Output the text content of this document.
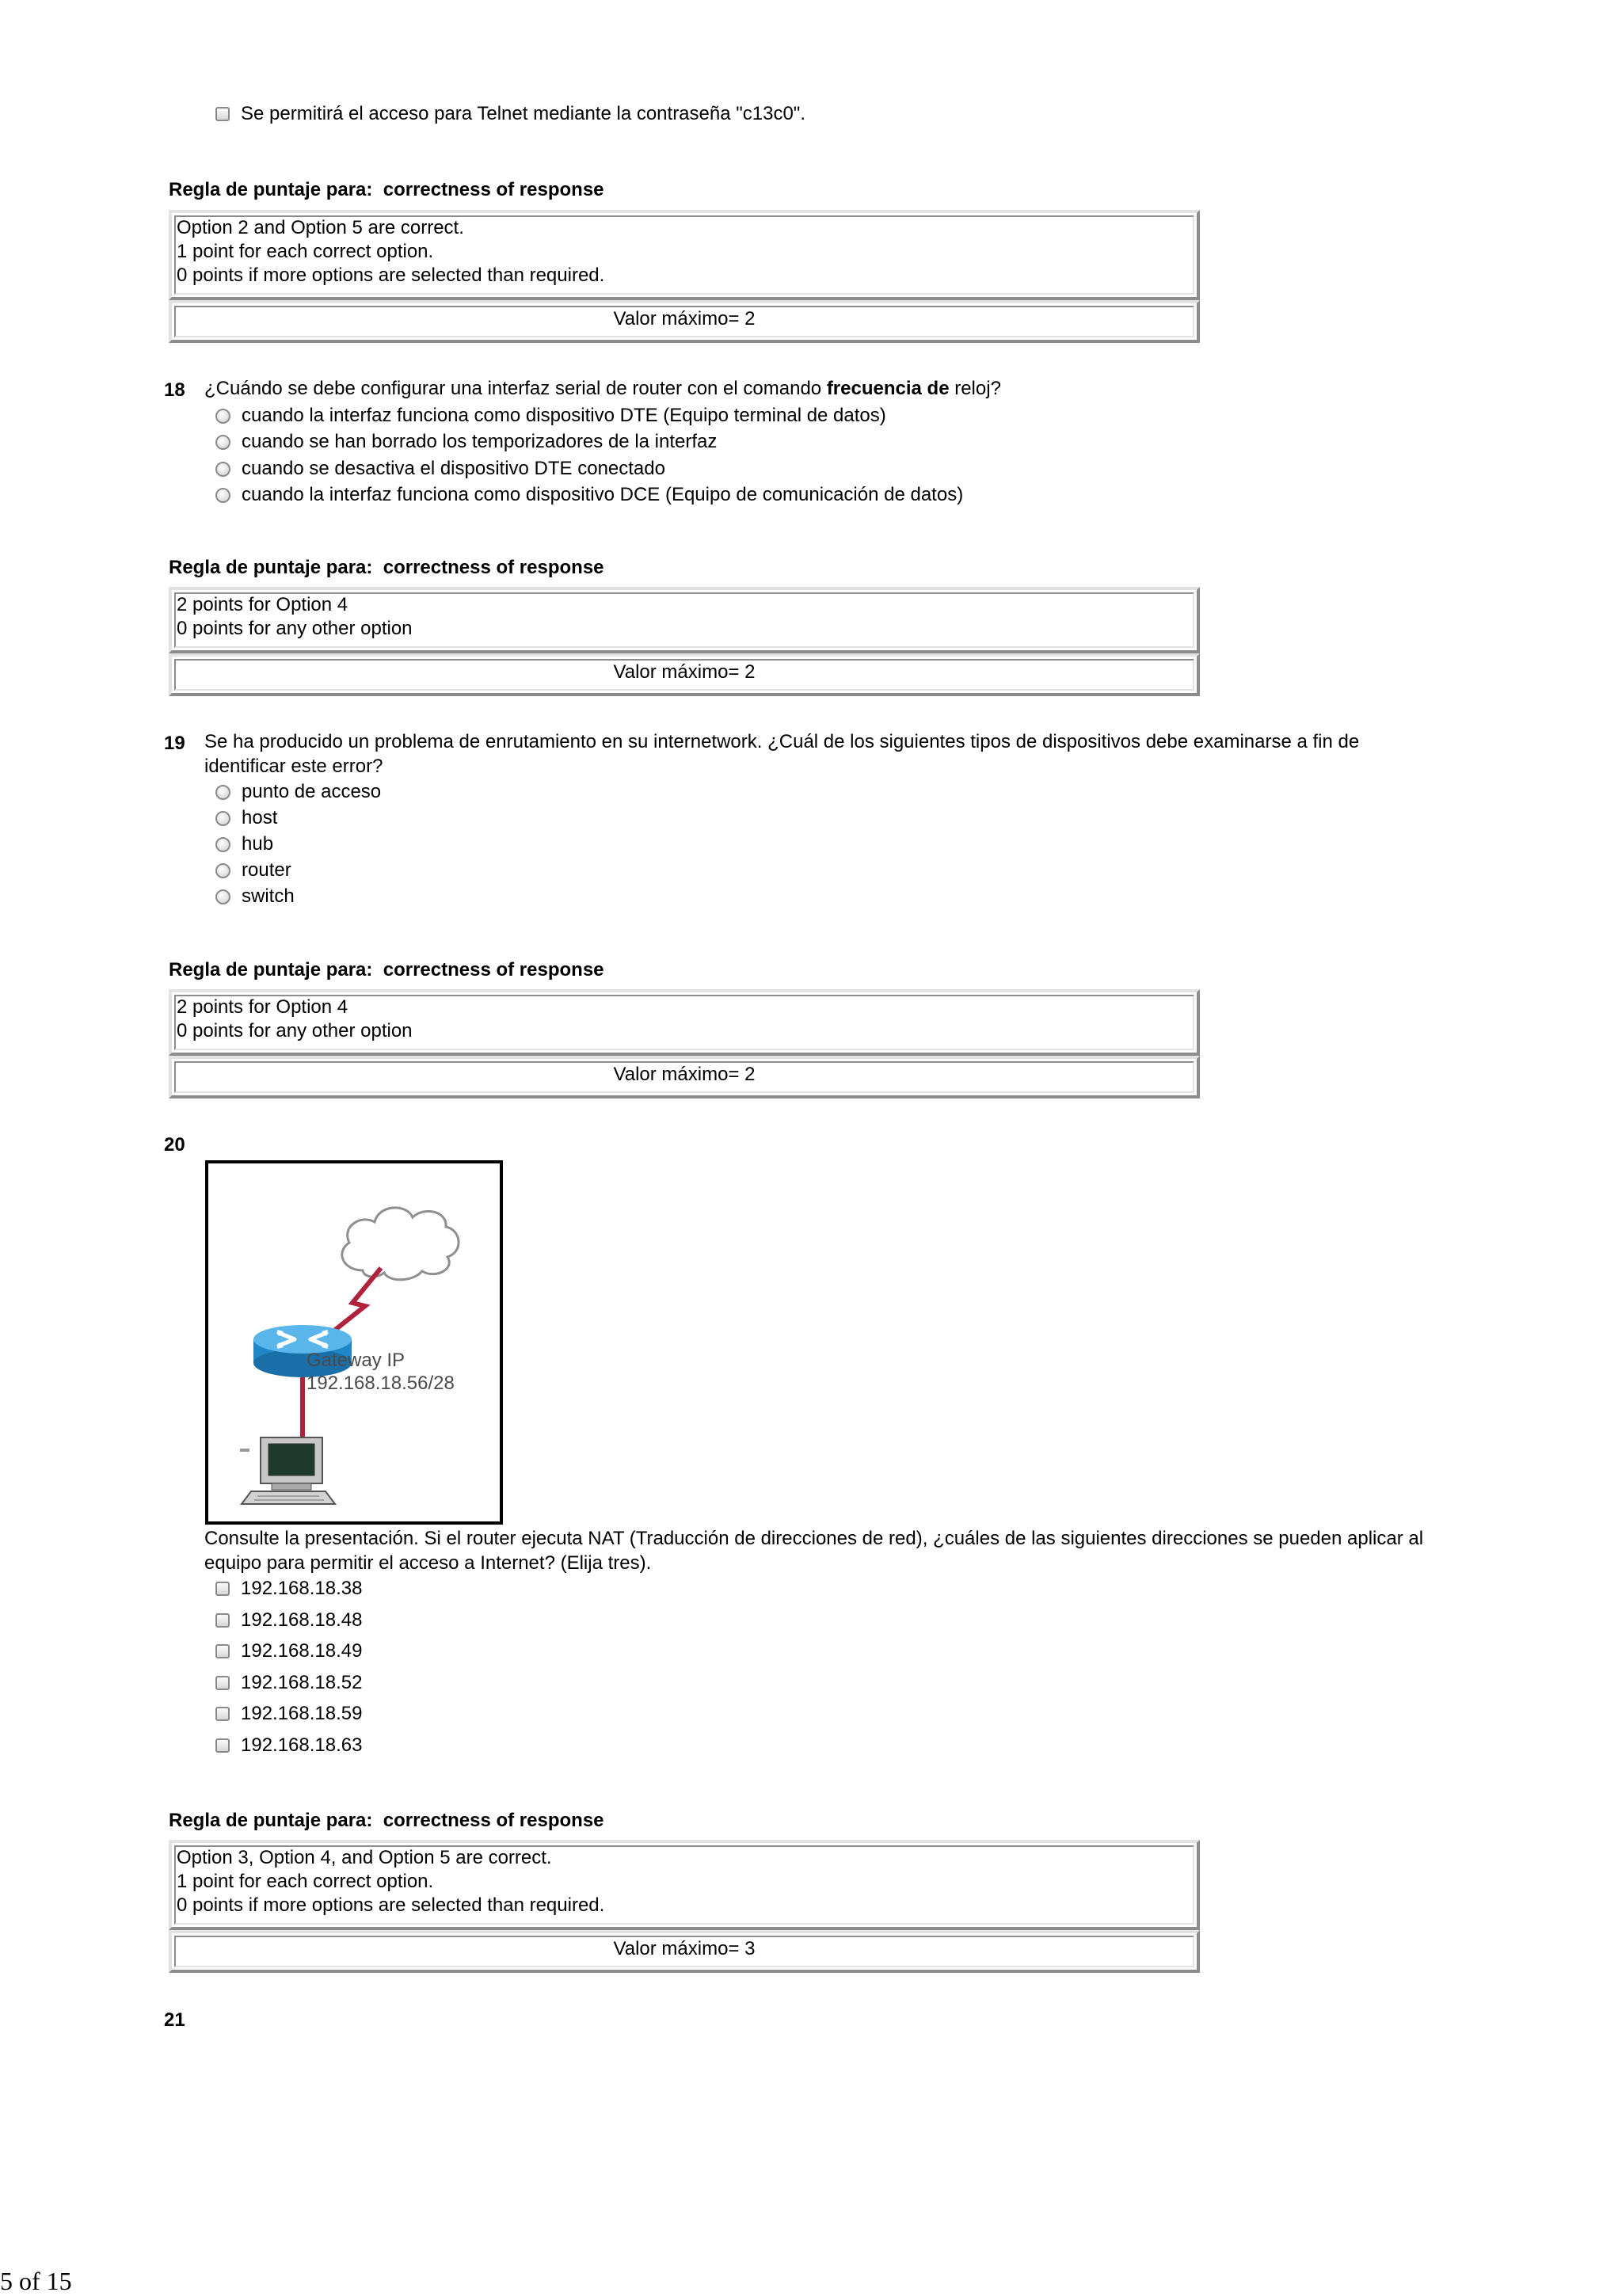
Se permitirá el acceso para Telnet mediante la contraseña "c13c0".
Regla de puntaje para: correctness of response
Option 2 and Option 5 are correct.
1 point for each correct option.
0 points if more options are selected than required.
Valor máximo= 2
18 ¿Cuándo se debe configurar una interfaz serial de router con el comando frecuencia de reloj?
cuando la interfaz funciona como dispositivo DTE (Equipo terminal de datos)
cuando se han borrado los temporizadores de la interfaz
cuando se desactiva el dispositivo DTE conectado
cuando la interfaz funciona como dispositivo DCE (Equipo de comunicación de datos)
Regla de puntaje para: correctness of response
2 points for Option 4
0 points for any other option
Valor máximo= 2
19 Se ha producido un problema de enrutamiento en su internetwork. ¿Cuál de los siguientes tipos de dispositivos debe examinarse a fin de identificar este error?
punto de acceso
host
hub
router
switch
Regla de puntaje para: correctness of response
2 points for Option 4
0 points for any other option
Valor máximo= 2
20
Gateway IP
192.168.18.56/28
Consulte la presentación. Si el router ejecuta NAT (Traducción de direcciones de red), ¿cuáles de las siguientes direcciones se pueden aplicar al equipo para permitir el acceso a Internet? (Elija tres).
192.168.18.38
192.168.18.48
192.168.18.49
192.168.18.52
192.168.18.59
192.168.18.63
Regla de puntaje para: correctness of response
Option 3, Option 4, and Option 5 are correct.
1 point for each correct option.
0 points if more options are selected than required.
Valor máximo= 3
21
5 of 15
